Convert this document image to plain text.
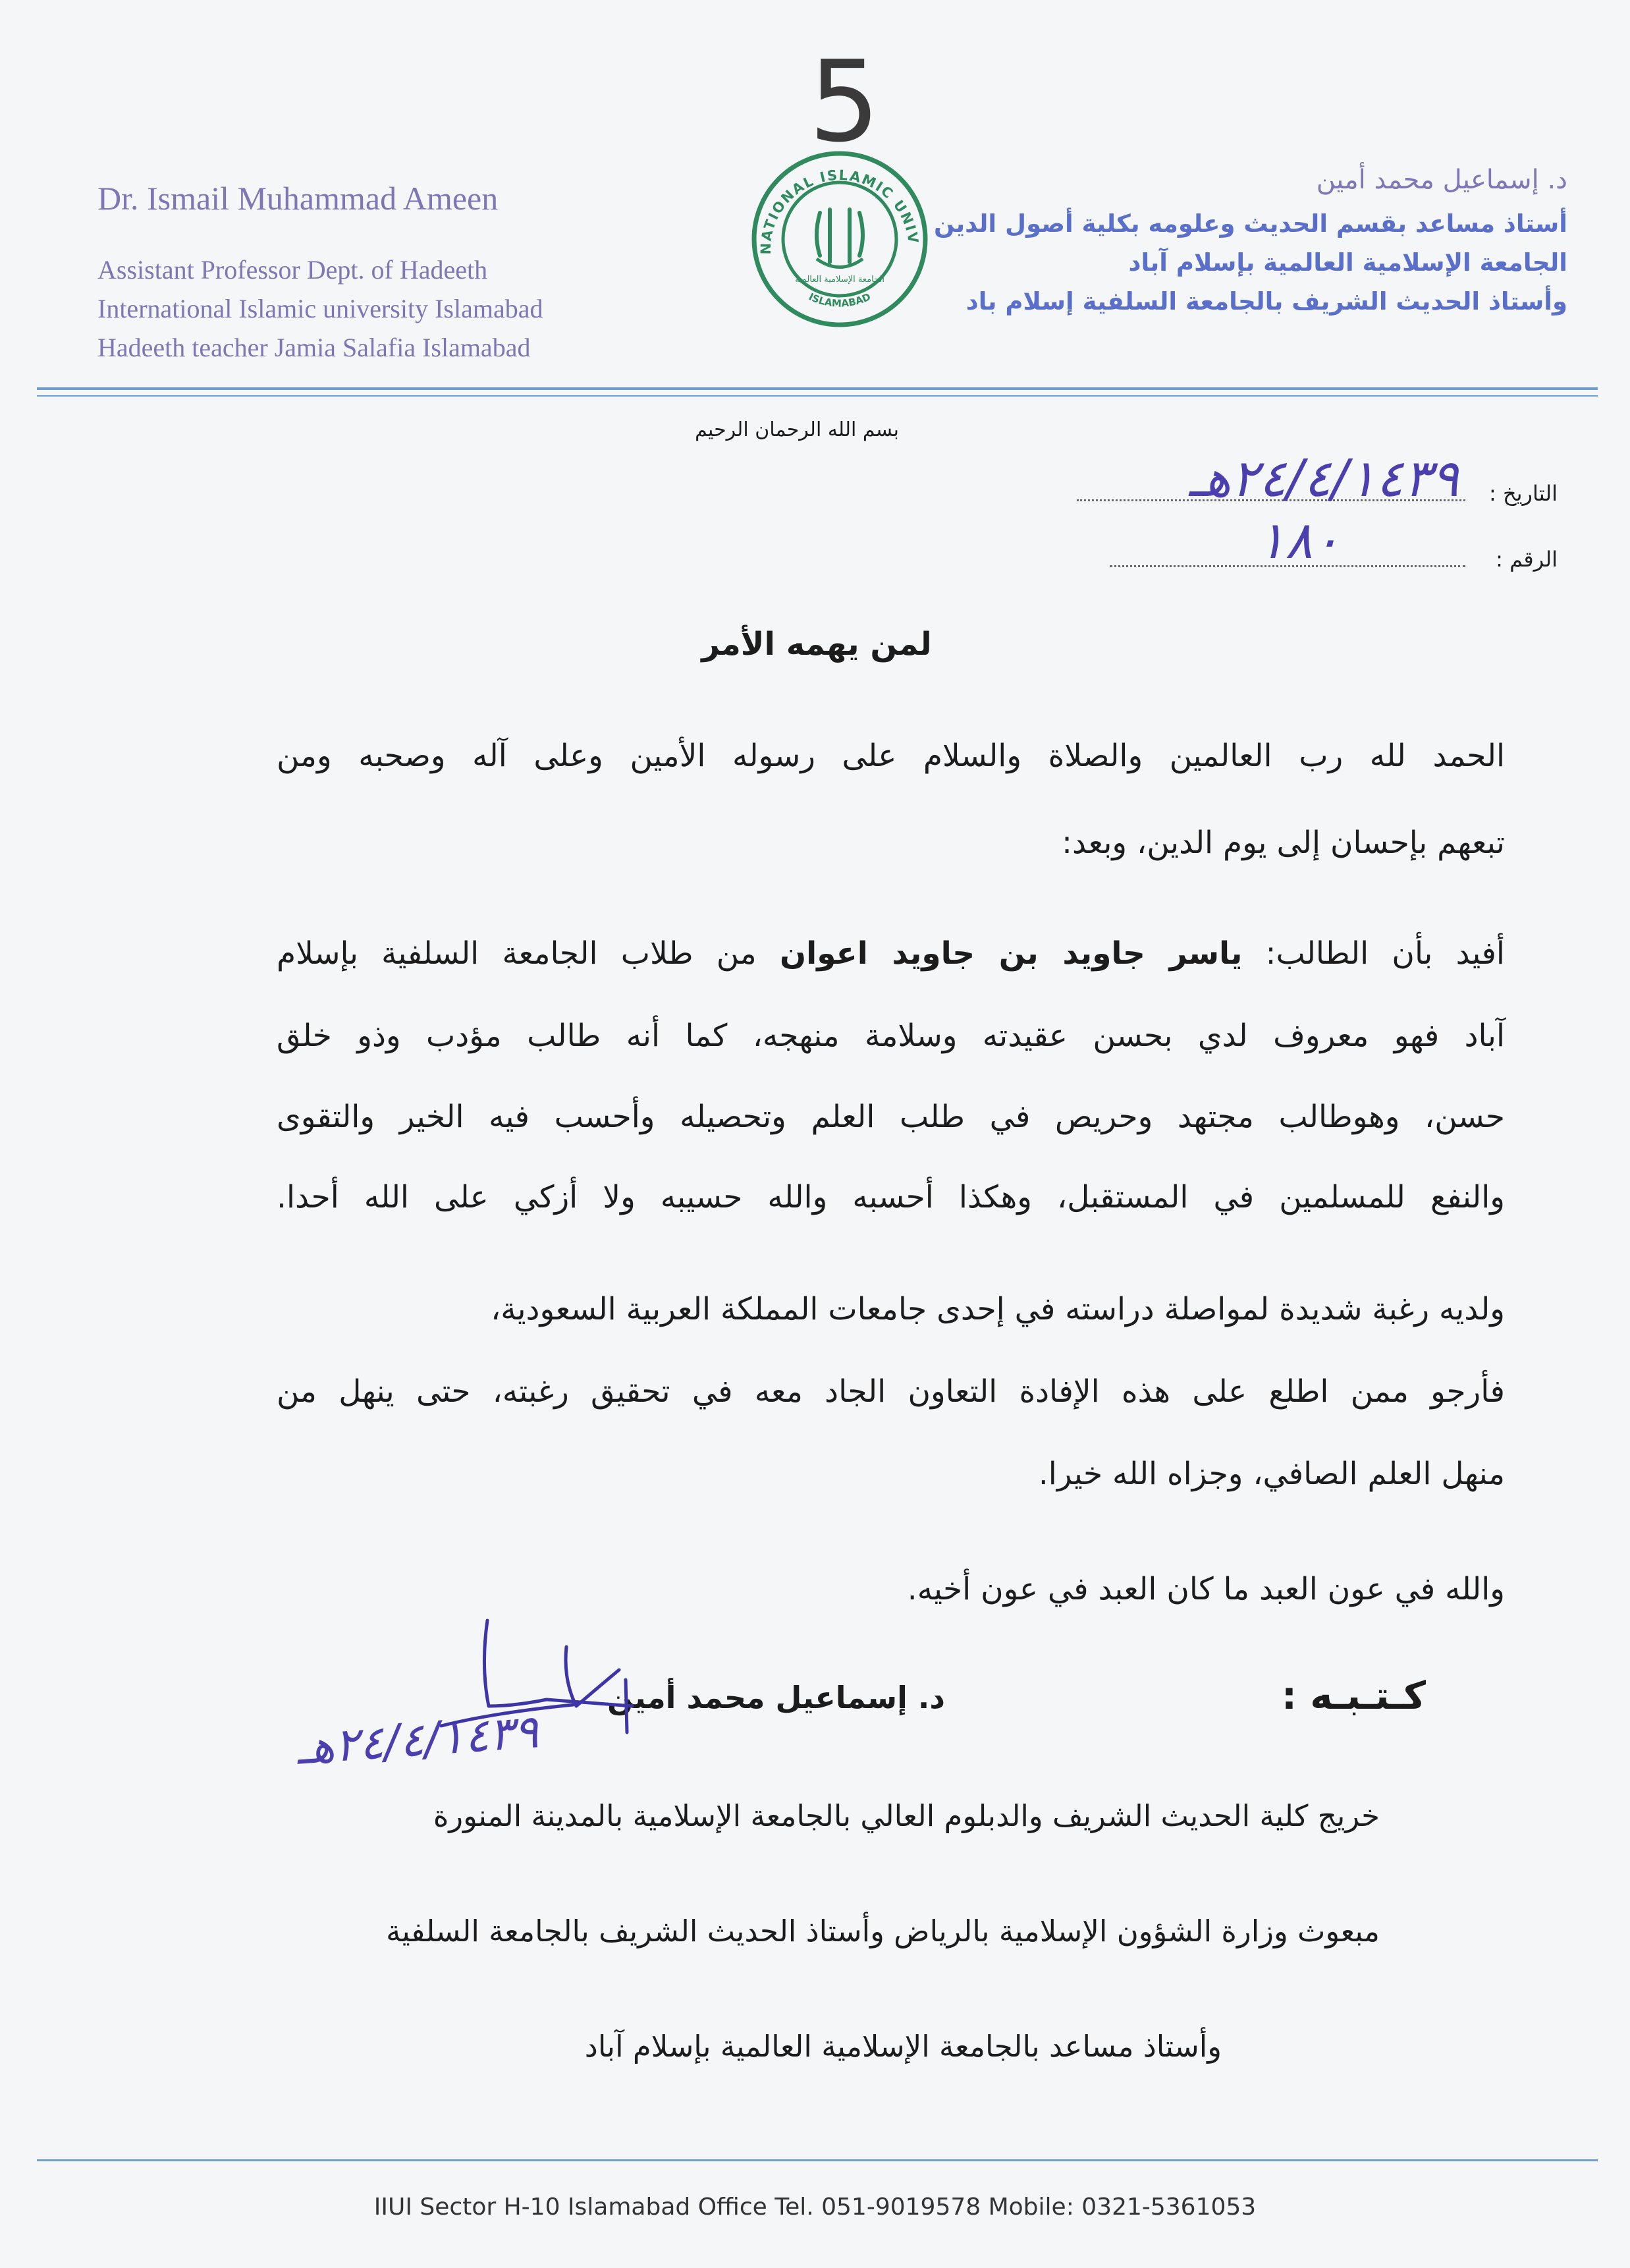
5
Dr. Ismail Muhammad Ameen
Assistant Professor Dept. of Hadeeth
International Islamic university Islamabad
Hadeeth teacher Jamia Salafia Islamabad
NATIONAL ISLAMIC UNIV
ISLAMABAD
الجامعة الإسلامية العالمية
د. إسماعيل محمد أمين
أستاذ مساعد بقسم الحديث وعلومه بكلية أصول الدين
الجامعة الإسلامية العالمية بإسلام آباد
وأستاذ الحديث الشريف بالجامعة السلفية إسلام باد
بسم الله الرحمان الرحيم
التاريخ :
٢٤/٤/١٤٣٩هـ
الرقم :
١٨٠
لمن يهمه الأمر
الحمد لله رب العالمين والصلاة والسلام على رسوله الأمين وعلى آله وصحبه ومن
تبعهم بإحسان إلى يوم الدين، وبعد:
أفيد بأن الطالب: ياسر جاويد بن جاويد اعوان من طلاب الجامعة السلفية بإسلام
آباد فهو معروف لدي بحسن عقيدته وسلامة منهجه، كما أنه طالب مؤدب وذو خلق
حسن، وهوطالب مجتهد وحريص في طلب العلم وتحصيله وأحسب فيه الخير والتقوى
والنفع للمسلمين في المستقبل، وهكذا أحسبه والله حسيبه ولا أزكي على الله أحدا.
ولديه رغبة شديدة لمواصلة دراسته في إحدى جامعات المملكة العربية السعودية،
فأرجو ممن اطلع على هذه الإفادة التعاون الجاد معه في تحقيق رغبته، حتى ينهل من
منهل العلم الصافي، وجزاه الله خيرا.
والله في عون العبد ما كان العبد في عون أخيه.
كـتـبـه :
د. إسماعيل محمد أمين
٢٤/٤/١٤٣٩هـ
خريج كلية الحديث الشريف والدبلوم العالي بالجامعة الإسلامية بالمدينة المنورة
مبعوث وزارة الشؤون الإسلامية بالرياض وأستاذ الحديث الشريف بالجامعة السلفية
وأستاذ مساعد بالجامعة الإسلامية العالمية بإسلام آباد
IIUI Sector H-10 Islamabad Office Tel. 051-9019578 Mobile: 0321-5361053
